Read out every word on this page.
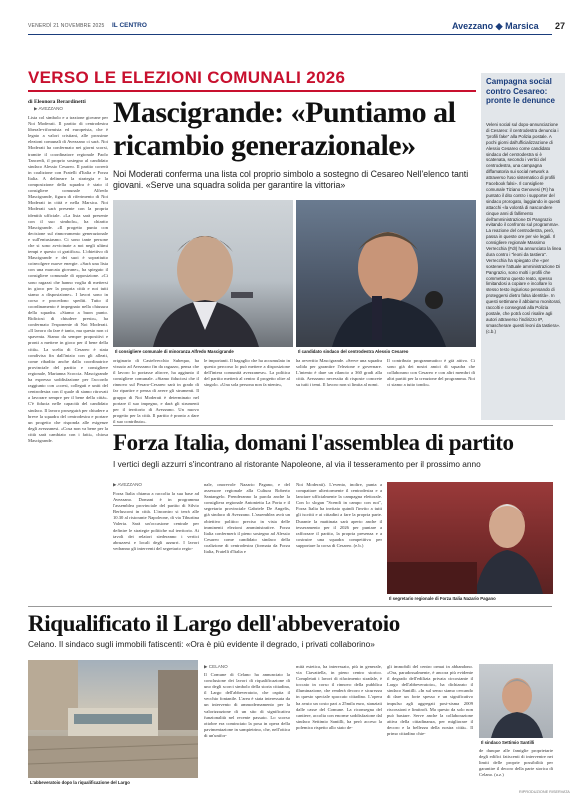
VENERDÌ 21 NOVEMBRE 2025 IL CENTRO	Avezzano ◆ Marsica 27
VERSO LE ELEZIONI COMUNALI 2026
di Eleonora Berardinetti
▶ AVEZZANO Mascigrande: «Puntiamo al ricambio generazionale»
Noi Moderati conferma una lista col proprio simbolo a sostegno di Cesareo Nell'elenco tanti giovani. «Serve una squadra solida per garantire la vittoria»
Lista col simbolo e a trazione giovane per Noi Moderati. Il partito di centrodestra liberale-riformista ed europeista, che è legato a valori cristiani, alle prossime elezioni comunali di Avezzano ci sarà. Noi Moderati ha confermato nei giorni scorsi, tramite il coordinatore regionale Paolo Tancredi, il proprio sostegno al candidato sindaco Alessio Cesareo. Il partito correrà in coalizione con Fratelli d'Italia e Forza Italia. A delineare la strategia e la composizione della squadra è stato il consigliere comunale Alfredo Mascigrande, figura di riferimento di Noi Moderati in città e nella Marsica. Noi Moderati sarà presente con la propria identità ufficiale. «La lista sarà presente con il suo simbolo», ha chiarito Mascigrande. «Il progetto punta con decisione sul rinnovamento generazionale e sull'entusiasmo. Ci sono tante persone che si sono avvicinate a noi negli ultimi tempi e questo ci gratifica». L'obiettivo di Mascigrande e dei suoi è soprattutto coinvolgere nuove energie. «Sarà una lista con una marcata giovane», ha spiegato il consigliere comunale di opposizione. «Ci sono ragazzi che hanno voglia di mettersi in gioco per la propria città e noi tutti siamo a disposizione». I lavori sono in corso e procedono spediti. Tutto il coordinamento è impegnato nella chiusura della squadra. «Siamo a buon punto. Ridiciosi di chiudere presto», ha confermato l'esponente di Noi Moderati. «Il lavoro da fare è tanto, ma questo non ci spaventa. Siamo da sempre propositivi e pronti a mettere in gioco per il bene della città». La scelta di Cesareo è stata condivisa fin dall'inizio con gli alleati, come ribadito anche dalla coordinatrice provinciale del partito e consigliere regionale, Marianna Scoccia. Mascigrande ha espresso soddisfazione per l'accordo raggiunto con «coesi, collegati e uniti del centrodestra con il quale di siamo ritrovati a lavorare sempre per il bene della città». C'è fiducia nelle capacità del candidato sindaco. Il lavoro proseguirà per chiudere a breve la squadra del centrodestra e portare un progetto che risponda alle esigenze degli avezzanesi. «Cosa non va bene per la città sarà cambiato con i fatti», chiosa Mascigrande.
Il consigliere comunale di minoranza Alfredo Mascigrande	Il candidato sindaco del centrodestra Alessio Cesareo
originario di Castelvecchio Subequo, ha vissuto ad Avezzano fin da ragazzo, pensa che il lavoro lo portasse altrove, ha aggiunto il consigliere comunale. «Siamo fiduciosi che il rinnovo sul Pesaro-Cesareo sarà in grado di far ripartire e pensa di avere gli strumenti. Il gruppo di Noi Moderati è determinato nel portare il suo impegno, e darà gli strumenti per il territorio di Avezzano. Un nuovo progetto per la città. Il partito è pronto a dare il suo contributo».
le importanti. Il bagaglio che ha accumulato in questo percorso lo può mettere a disposizione dell'intera comunità avezzanese». La politica del partito metterà al centro il progetto oltre al singolo. «Una sola persona non fa niente»,
ha avvertito Mascigrande. «Serve una squadra solida per garantire l'elezione e governare. L'intento è dare un rilancio a 360 gradi alla città. Avezzano necessita di risposte concrete su tutti i temi. Il lavoro non si limita al nomi.
Il contributo programmatico è già attivo. Ci sono già dei nostri amici di squadra che collaborano con Cesareo e con altri membri di altri partiti per la creazione del programma. Noi ci siamo a tutto tondo».
Campagna social contro Cesareo: pronte le denunce
Veleni social sul dopo-annunciazione di Cesareo: il centrodestra denuncia i "profili fake" alla Polizia postale. A pochi giorni dall'ufficializzazione di Alessio Cesareo come candidato sindaco del centrodestra si è scatenata, secondo i vertici del centrodestra, una campagna diffamatoria sui social network a attraverso l'uso sistematico di profili Facebook falsi». Il consigliere comunale Tiziano Genovesi (FI) ha puntato il dito contro i supporter del sindaco prorogato, laggiando in questi attacchi «la volontà di nascondere cinque anni di fallimento dell'amministrazione Di Pangrazio evitando il confronto sul programma». La reazione del centrodestra, però, passa in queste ore per vie legali. Il consigliere regionale Massimo Verrecchia (FdI) ha annunciato la linea dura contro i "leoni da tastiera". Verrecchia ha spiegato che «per sostenere l'attuale amministrazione Di Pangrazio, sono molti i profili che commettono questo reato, spesso limitandosi a copiare e incollare lo stesso testo ingiurioso pensando di proteggersi dietro falsa identità». In questi settimane il abbiamo monitorati, raccolti e consegnati alla Polizia postale, che potrà così risalire agli autori attraverso l'indirizzo IP, smascherare questi leoni da tastiera». (c.b.)
Forza Italia, domani l'assemblea di partito
I vertici degli azzurri s'incontrano al ristorante Napoleone, al via il tesseramento per il prossimo anno
▶ AVEZZANO
Forza Italia chiama a raccolta la sua base ad Avezzano. Domani è in programma l'assemblea provinciale del partito di Silvio Berlusconi in città. L'incontro si terrà alle 10.30 al ristorante Napoleone, di via Tiburtina Valeria. Sarà un'occasione centrale per definire le strategie politiche sul territorio. Ai tavoli dei relatori siederanno i vertici abruzzesi e locali degli azzurri. I lavori vedranno gli interventi del segretario regio-
nale, onorevole Nazario Pagano, e del assessore regionale alla Cultura Roberto Santangelo. Prenderanno la parola anche la consigliera regionale Antonietta La Porta e il segretario provinciale Gabriele De Angelis, già sindaco di Avezzano. L'assemblea avrà un obiettivo politico preciso in vista delle imminenti elezioni amministrative. Forza Italia confermerà il pieno sostegno ad Alessio Cesareo come candidato sindaco della coalizione di centrodestra (formata da Forza Italia, Fratelli d'Italia e
Noi Moderati). L'evento, inoltre, punta a compattare ulteriormente il centrodestra e a lanciare ufficialmente la campagna elettorale. Con lo slogan "Scendi in campo con noi", Forza Italia ha invitato quindi l'invito a tutti gli iscritti e ai cittadini a fare la propria parte. Durante la mattinata sarà aperto anche il tesseramento per il 2026 per puntare a rafforzare il partito, la propria presenza e a costruire una squadra competitiva per supportare la corsa di Cesareo. (e.b.)
Il segretario regionale di Forza Italia Nazario Pagano
Riqualificato il Largo dell'abbeveratoio
Celano. Il sindaco sugli immobili fatiscenti: «Ora è più evidente il degrado, i privati collaborino»
L'abbeveratoio dopo la riqualificazione del Largo
▶ CELANO
Il Comune di Celano ha annunciato la conclusione dei lavori di riqualificazione di uno degli scorci simbolo della storia cittadina, il Largo dell'abbeveratoio, che ospita il vecchio fontanile. L'area è stata interessata da un intervento di ammodernamento per la valorizzazione di un sito di significativa funzionalità nel recente passato. Lo scorso ottobre era cominciato la posa in opera della pavimentazione in sampietrino, che, nell'ottica di un'unifor-
mità estetica, ha interessato, più in generale, via Ciavattella, in pieno centro storico. Completati i lavori di rifacimento stradale, è toccato in corso il rinnovo della pubblica illuminazione, che renderà decoro e sicurezza in questo speciale spaccato cittadino. L'opera ha avuto un costo pari a 25mila euro, stanziati dalle casse del Comune. La riconsegna del cantiere, accolta con enorme soddisfazione dal sindaco Settimio Santilli, ha però acceso la polemica rispetto allo stato de-
gli immobili del centro ormai in abbandono. «Ora, paradossalmente, è ancora più evidente il degrado dell'edilizia privata circostante il Largo dell'abbeveratoio», ha dichiarato il sindaco Santilli. «In sul senso siamo cercando di dare un forte spesso e un significativo impulso agli aggregati post-sisma 2009 riscossioni e limitrofi. Ma questo da solo non può bastare. Serve anche la collaborazione attiva della cittadinanza, per migliorare il decoro e la bellezza della nostra città». Il primo cittadino chie-
Il sindaco Settimio Santilli
de dunque alle famiglie proprietarie degli edifici fatiscenti di intervenire nei limiti delle proprie possibilità per garantire il decoro della parte storica di Celano. (a.z.)
RIPRODUZIONE RISERVATA
